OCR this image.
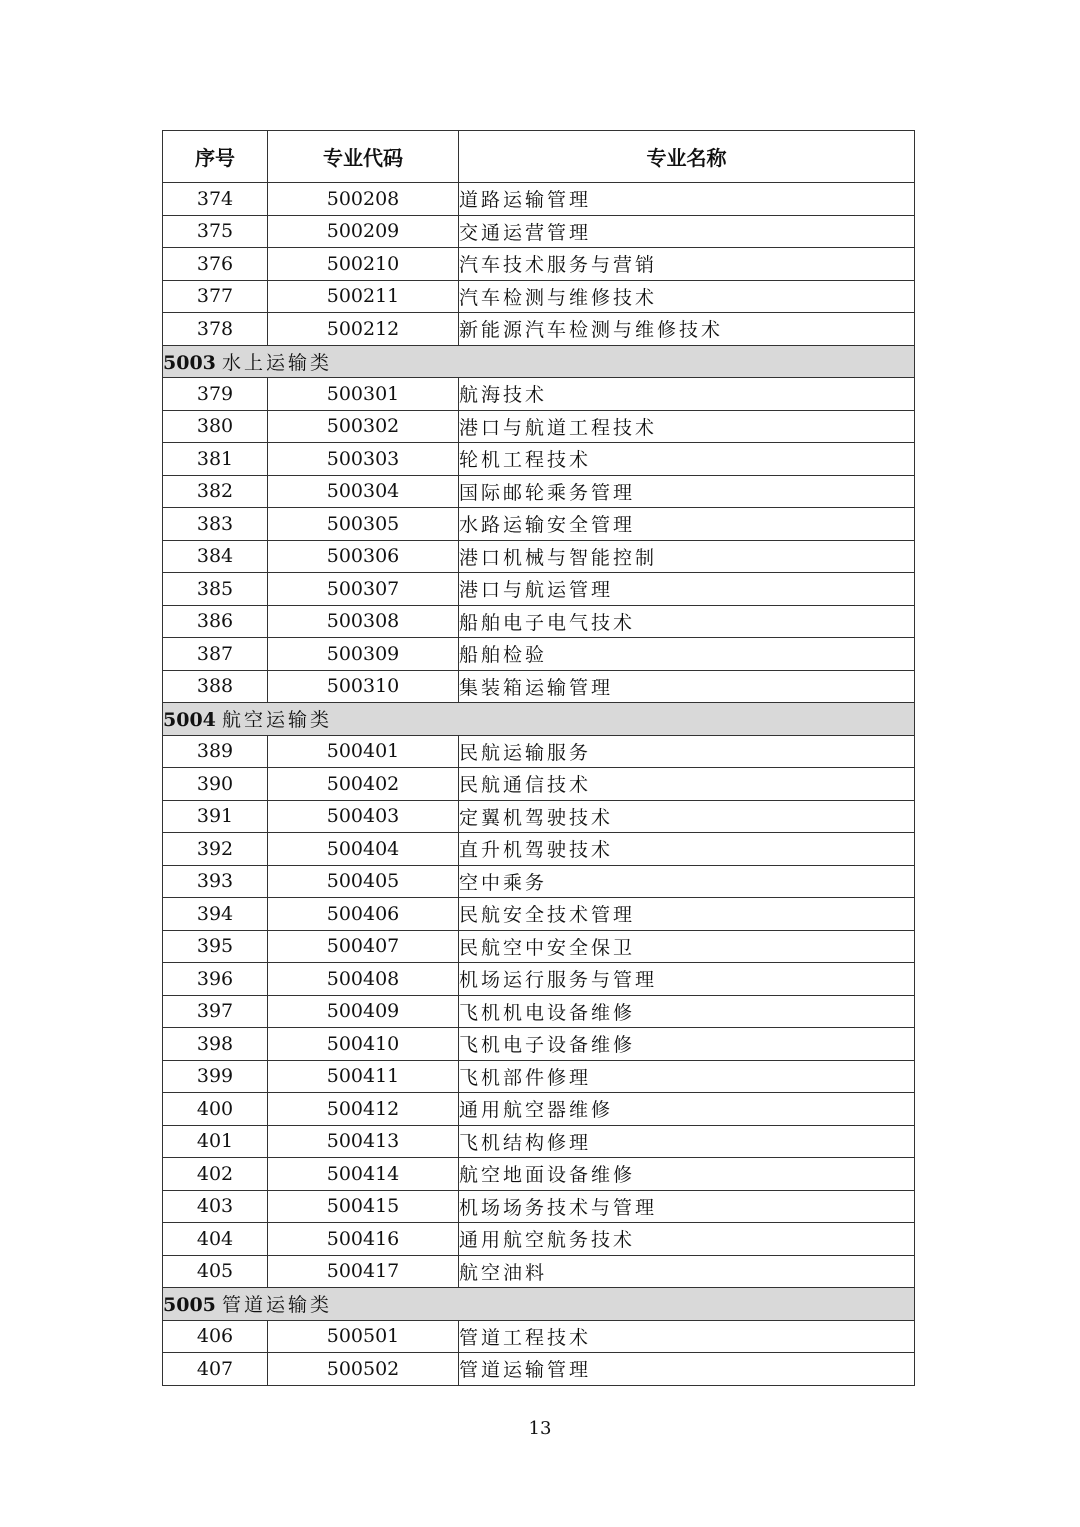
序号	专业代码	专业名称
374	500208	道路运输管理
375	500209	交通运营管理
376	500210	汽车技术服务与营销
377	500211	汽车检测与维修技术
378	500212	新能源汽车检测与维修技术
5003 水上运输类		
379	500301	航海技术
380	500302	港口与航道工程技术
381	500303	轮机工程技术
382	500304	国际邮轮乘务管理
383	500305	水路运输安全管理
384	500306	港口机械与智能控制
385	500307	港口与航运管理
386	500308	船舶电子电气技术
387	500309	船舶检验
388	500310	集装箱运输管理
5004 航空运输类		
389	500401	民航运输服务
390	500402	民航通信技术
391	500403	定翼机驾驶技术
392	500404	直升机驾驶技术
393	500405	空中乘务
394	500406	民航安全技术管理
395	500407	民航空中安全保卫
396	500408	机场运行服务与管理
397	500409	飞机机电设备维修
398	500410	飞机电子设备维修
399	500411	飞机部件修理
400	500412	通用航空器维修
401	500413	飞机结构修理
402	500414	航空地面设备维修
403	500415	机场场务技术与管理
404	500416	通用航空航务技术
405	500417	航空油料
5005 管道运输类		
406	500501	管道工程技术
407	500502	管道运输管理
13
